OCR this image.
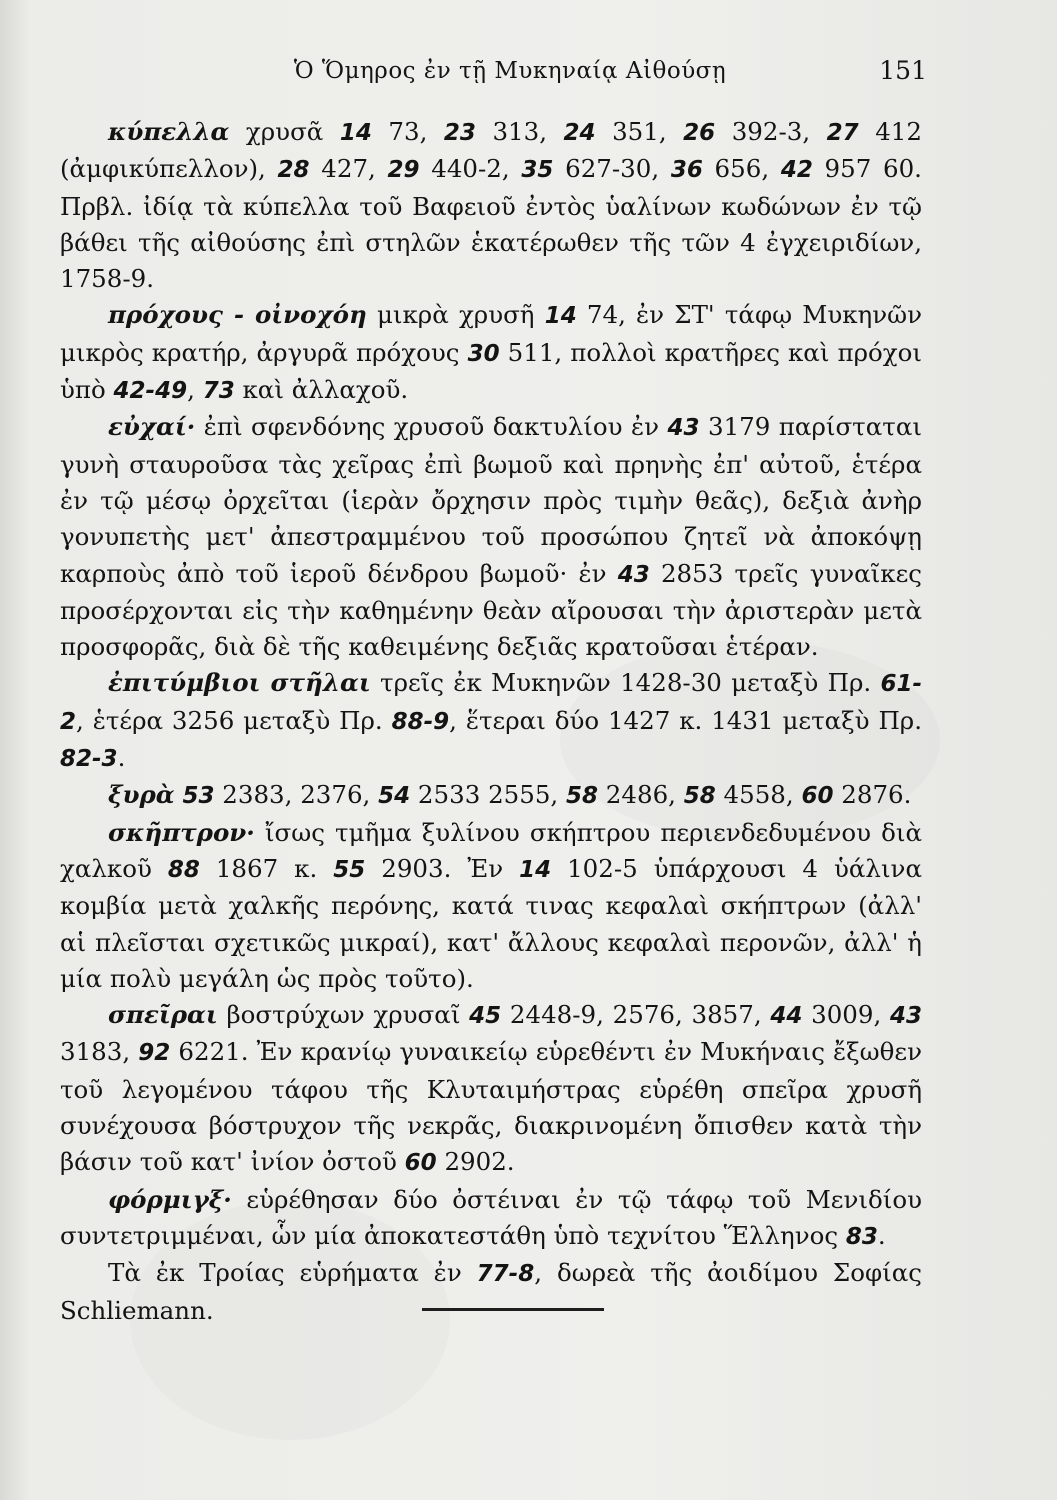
Ὁ Ὅμηρος ἐν τῇ Μυκηναίᾳ Αἰθούσῃ	151

κύπελλα χρυσᾶ 14 73, 23 313, 24 351, 26 392-3, 27 412 (ἀμφικύπελλον), 28 427, 29 440-2, 35 627-30, 36 656, 42 957 60. Πρβλ. ἰδίᾳ τὰ κύπελλα τοῦ Βαφειοῦ ἐντὸς ὑαλίνων κωδώνων ἐν τῷ βάθει τῆς αἰθούσης ἐπὶ στηλῶν ἑκατέρωθεν τῆς τῶν 4 ἐγχειριδίων, 1758-9.

πρόχους - οἰνοχόη μικρὰ χρυσῆ 14 74, ἐν ΣΤ' τάφῳ Μυκηνῶν μικρὸς κρατήρ, ἀργυρᾶ πρόχους 30 511, πολλοὶ κρατῆρες καὶ πρόχοι ὑπὸ 42-49, 73 καὶ ἀλλαχοῦ.

εὐχαί· ἐπὶ σφενδόνης χρυσοῦ δακτυλίου ἐν 43 3179 παρίσταται γυνὴ σταυροῦσα τὰς χεῖρας ἐπὶ βωμοῦ καὶ πρηνὴς ἐπ' αὐτοῦ, ἑτέρα ἐν τῷ μέσῳ ὀρχεῖται (ἱερὰν ὄρχησιν πρὸς τιμὴν θεᾶς), δεξιὰ ἀνὴρ γονυπετὴς μετ' ἀπεστραμμένου τοῦ προσώπου ζητεῖ νὰ ἀποκόψῃ καρποὺς ἀπὸ τοῦ ἱεροῦ δένδρου βωμοῦ· ἐν 43 2853 τρεῖς γυναῖκες προσέρχονται εἰς τὴν καθημένην θεὰν αἴρουσαι τὴν ἀριστερὰν μετὰ προσφορᾶς, διὰ δὲ τῆς καθειμένης δεξιᾶς κρατοῦσαι ἑτέραν.

ἐπιτύμβιοι στῆλαι τρεῖς ἐκ Μυκηνῶν 1428-30 μεταξὺ Πρ. 61-2, ἑτέρα 3256 μεταξὺ Πρ. 88-9, ἕτεραι δύο 1427 κ. 1431 μεταξὺ Πρ. 82-3.

ξυρὰ 53 2383, 2376, 54 2533 2555, 58 2486, 58 4558, 60 2876.

σκῆπτρον· ἴσως τμῆμα ξυλίνου σκήπτρου περιενδεδυμένου διὰ χαλκοῦ 88 1867 κ. 55 2903. Ἐν 14 102-5 ὑπάρχουσι 4 ὑάλινα κομβία μετὰ χαλκῆς περόνης, κατά τινας κεφαλαὶ σκήπτρων (ἀλλ' αἱ πλεῖσται σχετικῶς μικραί), κατ' ἄλλους κεφαλαὶ περονῶν, ἀλλ' ἡ μία πολὺ μεγάλη ὡς πρὸς τοῦτο).

σπεῖραι βοστρύχων χρυσαῖ 45 2448-9, 2576, 3857, 44 3009, 43 3183, 92 6221. Ἐν κρανίῳ γυναικείῳ εὑρεθέντι ἐν Μυκήναις ἔξωθεν τοῦ λεγομένου τάφου τῆς Κλυταιμήστρας εὑρέθη σπεῖρα χρυσῆ συνέχουσα βόστρυχον τῆς νεκρᾶς, διακρινομένη ὄπισθεν κατὰ τὴν βάσιν τοῦ κατ' ἰνίον ὀστοῦ 60 2902.

φόρμιγξ· εὑρέθησαν δύο ὀστέιναι ἐν τῷ τάφῳ τοῦ Μενιδίου συντετριμμέναι, ὧν μία ἀποκατεστάθη ὑπὸ τεχνίτου Ἕλληνος 83.

Τὰ ἐκ Τροίας εὑρήματα ἐν 77-8, δωρεὰ τῆς ἀοιδίμου Σοφίας Schliemann.
